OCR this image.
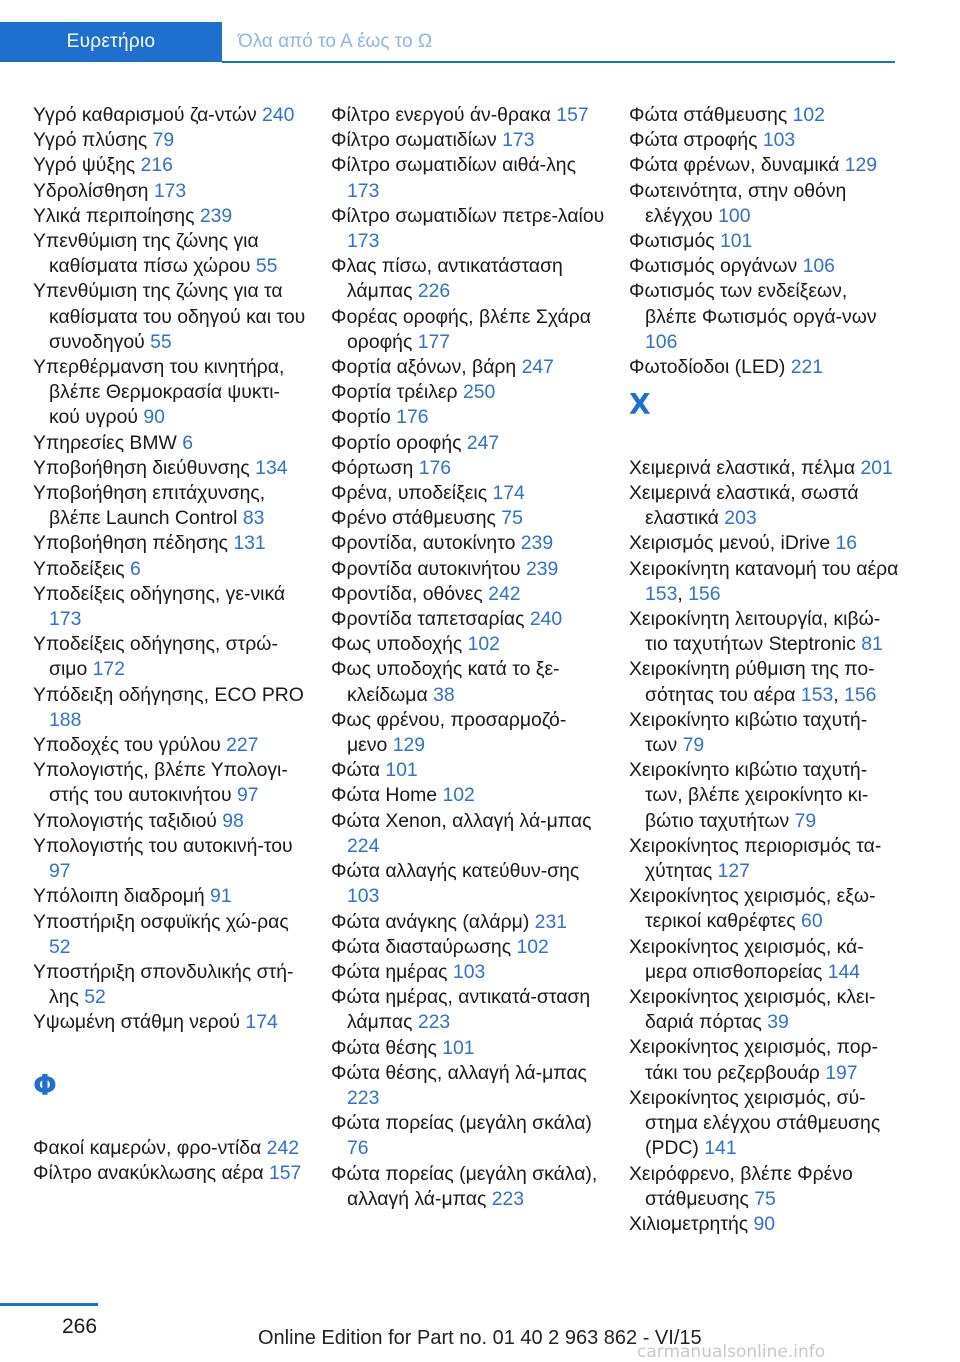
Ευρετήριο	Όλα από το Α έως το Ω
Υγρό καθαρισμού ζα-ντών 240
Υγρό πλύσης 79
Υγρό ψύξης 216
Υδρολίσθηση 173
Υλικά περιποίησης 239
Υπενθύμιση της ζώνης για καθίσματα πίσω χώρου 55
Υπενθύμιση της ζώνης για τα καθίσματα του οδηγού και του συνοδηγού 55
Υπερθέρμανση του κινητήρα, βλέπε Θερμοκρασία ψυκτι-κού υγρού 90
Υπηρεσίες BMW 6
Υποβοήθηση διεύθυνσης 134
Υποβοήθηση επιτάχυνσης, βλέπε Launch Control 83
Υποβοήθηση πέδησης 131
Υποδείξεις 6
Υποδείξεις οδήγησης, γε-νικά 173
Υποδείξεις οδήγησης, στρώ-σιμο 172
Υπόδειξη οδήγησης, ECO PRO 188
Υποδοχές του γρύλου 227
Υπολογιστής, βλέπε Υπολογι-στής του αυτοκινήτου 97
Υπολογιστής ταξιδιού 98
Υπολογιστής του αυτοκινή-του 97
Υπόλοιπη διαδρομή 91
Υποστήριξη οσφυϊκής χώ-ρας 52
Υποστήριξη σπονδυλικής στή-λης 52
Υψωμένη στάθμη νερού 174
Φ
Φακοί καμερών, φρο-ντίδα 242
Φίλτρο ανακύκλωσης αέρα 157
Φίλτρο ενεργού άν-θρακα 157
Φίλτρο σωματιδίων 173
Φίλτρο σωματιδίων αιθά-λης 173
Φίλτρο σωματιδίων πετρε-λαίου 173
Φλας πίσω, αντικατάσταση λάμπας 226
Φορέας οροφής, βλέπε Σχάρα οροφής 177
Φορτία αξόνων, βάρη 247
Φορτία τρέιλερ 250
Φορτίο 176
Φορτίο οροφής 247
Φόρτωση 176
Φρένα, υποδείξεις 174
Φρένο στάθμευσης 75
Φροντίδα, αυτοκίνητο 239
Φροντίδα αυτοκινήτου 239
Φροντίδα, οθόνες 242
Φροντίδα ταπετσαρίας 240
Φως υποδοχής 102
Φως υποδοχής κατά το ξε-κλείδωμα 38
Φως φρένου, προσαρμοζό-μενο 129
Φώτα 101
Φώτα Home 102
Φώτα Xenon, αλλαγή λά-μπας 224
Φώτα αλλαγής κατεύθυν-σης 103
Φώτα ανάγκης (αλάρμ) 231
Φώτα διασταύρωσης 102
Φώτα ημέρας 103
Φώτα ημέρας, αντικατά-σταση λάμπας 223
Φώτα θέσης 101
Φώτα θέσης, αλλαγή λά-μπας 223
Φώτα πορείας (μεγάλη σκάλα) 76
Φώτα πορείας (μεγάλη σκάλα), αλλαγή λά-μπας 223
Φώτα στάθμευσης 102
Φώτα στροφής 103
Φώτα φρένων, δυναμικά 129
Φωτεινότητα, στην οθόνη ελέγχου 100
Φωτισμός 101
Φωτισμός οργάνων 106
Φωτισμός των ενδείξεων, βλέπε Φωτισμός οργά-νων 106
Φωτοδίοδοι (LED) 221
Χ
Χειμερινά ελαστικά, πέλμα 201
Χειμερινά ελαστικά, σωστά ελαστικά 203
Χειρισμός μενού, iDrive 16
Χειροκίνητη κατανομή του αέρα 153, 156
Χειροκίνητη λειτουργία, κιβώ-τιο ταχυτήτων Steptronic 81
Χειροκίνητη ρύθμιση της πο-σότητας του αέρα 153, 156
Χειροκίνητο κιβώτιο ταχυτή-των 79
Χειροκίνητο κιβώτιο ταχυτή-των, βλέπε χειροκίνητο κι-βώτιο ταχυτήτων 79
Χειροκίνητος περιορισμός τα-χύτητας 127
Χειροκίνητος χειρισμός, εξω-τερικοί καθρέφτες 60
Χειροκίνητος χειρισμός, κά-μερα οπισθοπορείας 144
Χειροκίνητος χειρισμός, κλει-δαριά πόρτας 39
Χειροκίνητος χειρισμός, πορ-τάκι του ρεζερβουάρ 197
Χειροκίνητος χειρισμός, σύ-στημα ελέγχου στάθμευσης (PDC) 141
Χειρόφρενο, βλέπε Φρένο στάθμευσης 75
Χιλιομετρητής 90
266	Online Edition for Part no. 01 40 2 963 862 - VI/15
carmanualsonline.info
